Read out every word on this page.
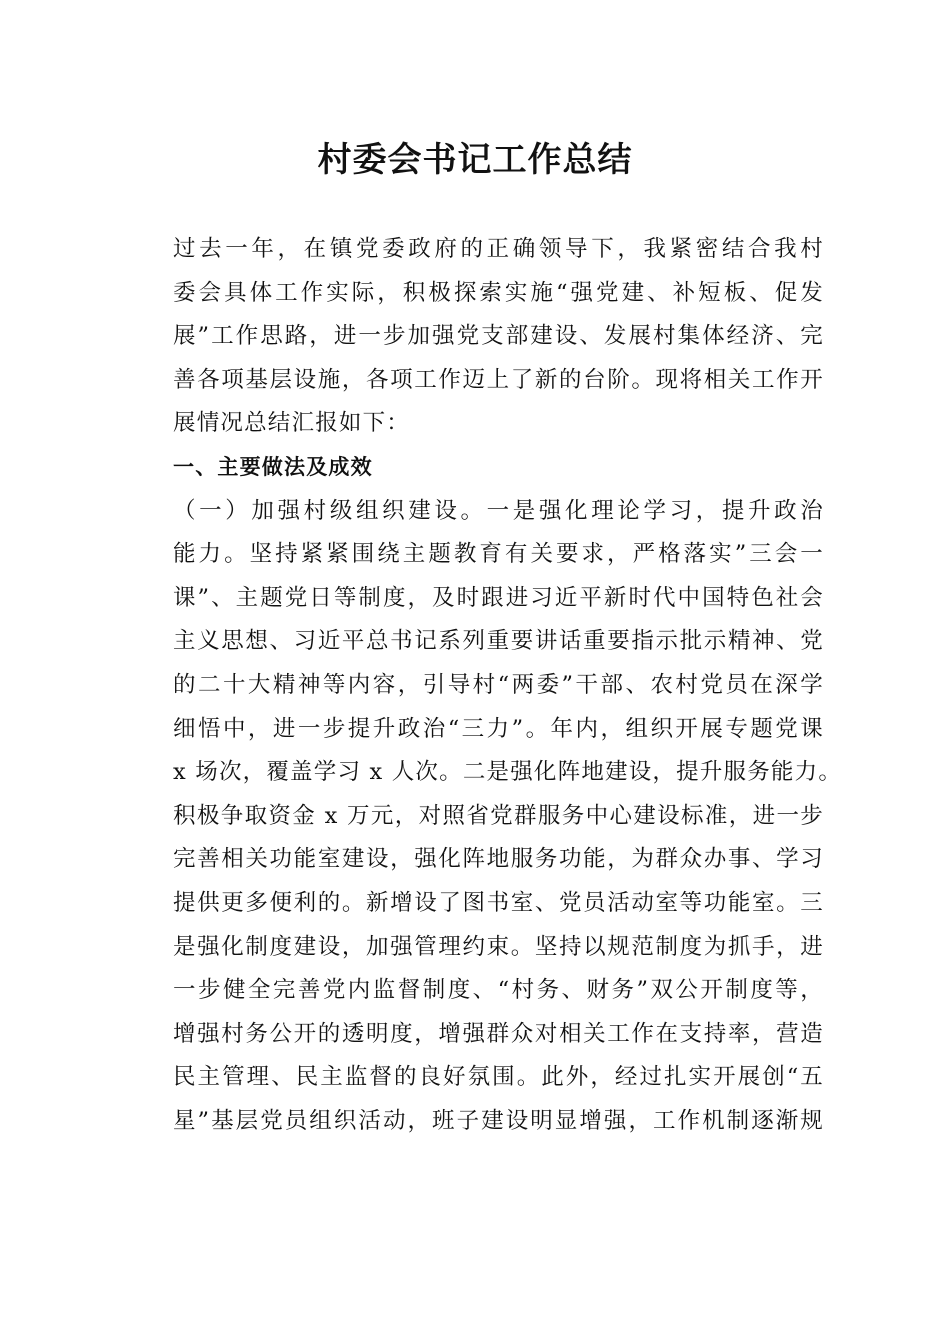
村委会书记工作总结

过去一年，在镇党委政府的正确领导下，我紧密结合我村
委会具体工作实际，积极探索实施“强党建、补短板、促发
展”工作思路，进一步加强党支部建设、发展村集体经济、完
善各项基层设施，各项工作迈上了新的台阶。现将相关工作开
展情况总结汇报如下：

一、主要做法及成效

（一）加强村级组织建设。一是强化理论学习，提升政治
能力。坚持紧紧围绕主题教育有关要求，严格落实”三会一
课”、主题党日等制度，及时跟进习近平新时代中国特色社会
主义思想、习近平总书记系列重要讲话重要指示批示精神、党
的二十大精神等内容，引导村“两委”干部、农村党员在深学
细悟中，进一步提升政治“三力”。年内，组织开展专题党课
x 场次，覆盖学习 x 人次。二是强化阵地建设，提升服务能力。
积极争取资金 x 万元，对照省党群服务中心建设标准，进一步
完善相关功能室建设，强化阵地服务功能，为群众办事、学习
提供更多便利的。新增设了图书室、党员活动室等功能室。三
是强化制度建设，加强管理约束。坚持以规范制度为抓手，进
一步健全完善党内监督制度、“村务、财务”双公开制度等，
增强村务公开的透明度，增强群众对相关工作在支持率，营造
民主管理、民主监督的良好氛围。此外，经过扎实开展创“五
星”基层党员组织活动，班子建设明显增强，工作机制逐渐规
